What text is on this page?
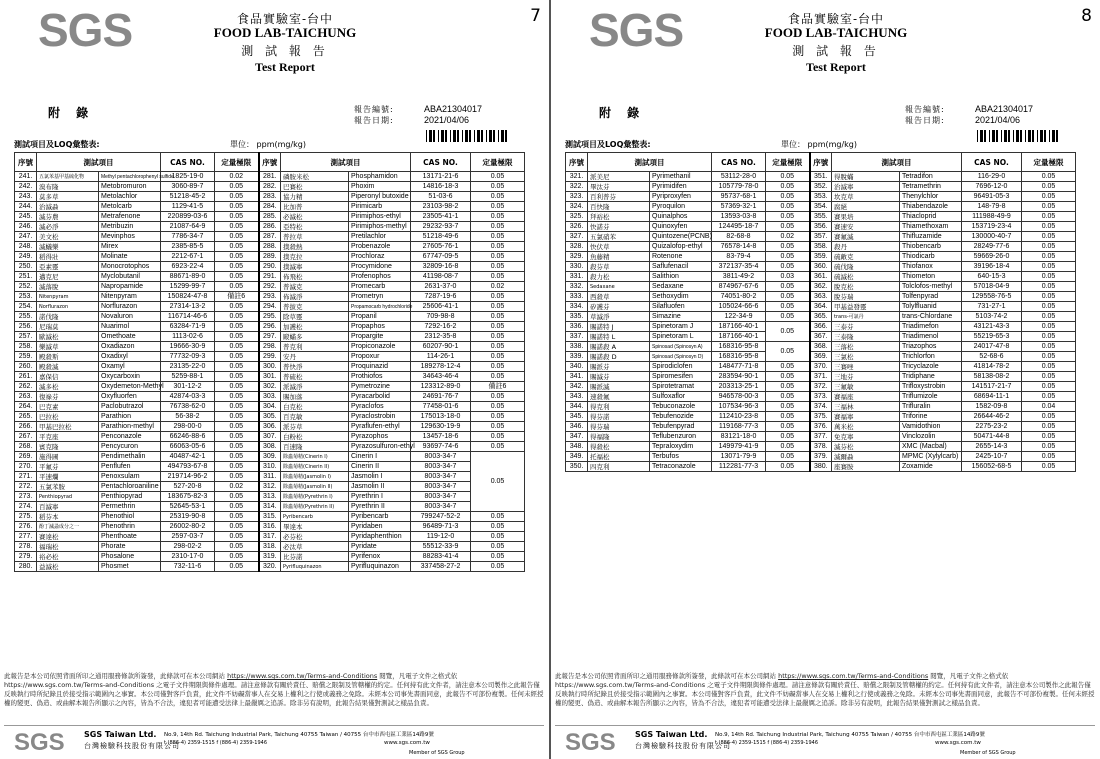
7
SGS	食品實驗室-台中
FOOD LAB-TAICHUNG
測 試 報 告
Test Report
附 錄	報告編號:	ABA21304017
報告日期:	2021/04/06
測試項目及LOQ彙整表:	單位： ppm(mg/kg)
序號	測試項目		CAS NO.	定量極限	序號	測試項目		CAS NO.	定量極限
241.	五氯苯基甲基硫化物	Methyl pentachlorophenyl sulfide	1825-19-0	0.02	281.	磷胺米松	Phosphamidon	13171-21-6	0.05
242.	溴布隆	Metobromuron	3060-89-7	0.05	282.	巴賽松	Phoxim	14816-18-3	0.05
243.	莫多草	Metolachlor	51218-45-2	0.05	283.	協力精	Piperonyl butoxide	51-03-6	0.05
244.	治滅蝨	Metolcarb	1129-41-5	0.05	284.	比加普	Pirimicarb	23103-98-2	0.05
245.	滅芬農	Metrafenone	220899-03-6	0.05	285.	必滅松	Pirimiphos-ethyl	23505-41-1	0.05
246.	滅必淨	Metribuzin	21087-64-9	0.05	286.	亞特松	Pirimiphos-methyl	29232-93-7	0.05
247.	美文松	Mevinphos	7786-34-7	0.05	287.	普拉草	Pretilachlor	51218-49-6	0.05
248.	滅蟻樂	Mirex	2385-85-5	0.05	288.	撲殺熱	Probenazole	27605-76-1	0.05
249.	稻得壯	Molinate	2212-67-1	0.05	289.	撲克拉	Prochloraz	67747-09-5	0.05
250.	亞素靈	Monocrotophos	6923-22-4	0.05	290.	撲滅寧	Procymidone	32809-16-8	0.05
251.	邁克尼	Myclobutanil	88671-89-0	0.05	291.	佈飛松	Profenophos	41198-08-7	0.05
252.	滅落脫	Napropamide	15299-99-7	0.05	292.	普滅克	Promecarb	2631-37-0	0.02
253.	Nitenpyram	Nitenpyram	150824-47-8	備註6	293.	佈滅淨	Prometryn	7287-19-6	0.05
254.	Norflurazon	Norflurazon	27314-13-2	0.05	294.	普拔克	Propamocarb hydrochloride	25606-41-1	0.05
255.	諾伐隆	Novaluron	116714-46-6	0.05	295.	除草靈	Propanil	709-98-8	0.05
256.	尼瑞莫	Nuarimol	63284-71-9	0.05	296.	加護松	Propaphos	7292-16-2	0.05
257.	歐滅松	Omethoate	1113-02-6	0.05	297.	毆蟎多	Propargite	2312-35-8	0.05
258.	樂滅草	Oxadiazon	19666-30-9	0.05	298.	普克利	Propiconazole	60207-90-1	0.05
259.	殿殺斯	Oxadixyl	77732-09-3	0.05	299.	安丹	Propoxur	114-26-1	0.05
260.	殿殺滅	Oxamyl	23135-22-0	0.05	300.	普快淨	Proquinazid	189278-12-4	0.05
261.	嘉保信	Oxycarboxin	5259-88-1	0.05	301.	普硫松	Prothiofos	34643-46-4	0.05
262.	滅多松	Oxydemeton-Methyl	301-12-2	0.05	302.	派滅淨	Pymetrozine	123312-89-0	備註6
263.	復祿芬	Oxyfluorfen	42874-03-3	0.05	303.	賜加落	Pyracarbolid	24691-76-7	0.05
264.	巴克素	Paclobutrazol	76738-62-0	0.05	304.	白克松	Pyraclofos	77458-01-6	0.05
265.	巴拉松	Parathion	56-38-2	0.05	305.	百克敏	Pyraclostrobin	175013-18-0	0.05
266.	甲基巴拉松	Parathion-methyl	298-00-0	0.05	306.	派芬草	Pyraflufen-ethyl	129630-19-9	0.05
267.	平克座	Penconazole	66246-88-6	0.05	307.	白粉松	Pyrazophos	13457-18-6	0.05
268.	賓克隆	Pencycuron	66063-05-6	0.05	308.	百速隆	Pyrazosulfuron-ethyl	93697-74-6	0.05
269.	施得圃	Pendimethalin	40487-42-1	0.05	309.	除蟲菊精(Cinerin I)	Cinerin I	8003-34-7	0.05
270.	平氟芬	Penflufen	494793-67-8	0.05	310.	除蟲菊精(Cinerin II)	Cinerin II	8003-34-7	
271.	平速爛	Penoxsulam	219714-96-2	0.05	311.	除蟲菊精(Jasmolin I)	Jasmolin I	8003-34-7	
272.	五氯苯胺	Pentachloroaniline	527-20-8	0.02	312.	除蟲菊精(Jasmolin II)	Jasmolin II	8003-34-7	
273.	Penthiopyrad	Penthiopyrad	183675-82-3	0.05	313.	除蟲菊精(Pyrethrin I)	Pyrethrin I	8003-34-7	
274.	百滅寧	Permethrin	52645-53-1	0.05	314.	除蟲菊精(Pyrethrin II)	Pyrethrin II	8003-34-7	
275.	稻芬本	Phenothiol	25319-90-8	0.05	315.	Pyribencarb	Pyribencarb	799247-52-2	0.05
276.	酚丁滅蝨成分之一	Phenothrin	26002-80-2	0.05	316.	畢達本	Pyridaben	96489-71-3	0.05
277.	賽達松	Phenthoate	2597-03-7	0.05	317.	必芬松	Pyridaphenthion	119-12-0	0.05
278.	福瑞松	Phorate	298-02-2	0.05	318.	必汰草	Pyridate	55512-33-9	0.05
279.	裕必松	Phosalone	2310-17-0	0.05	319.	比芬諾	Pyrifenox	88283-41-4	0.05
280.	益滅松	Phosmet	732-11-6	0.05	320.	Pyrifluquinazon	Pyrifluquinazon	337458-27-2	0.05
此報告是本公司依照背面所印之通用服務條款所簽發，此條款可在本公司網站 https://www.sgs.com.tw/Terms-and-Conditions 閱覽，凡電子文件之格式依 https://www.sgs.com.tw/Terms-and-Conditions 之電子文件期限與條件處理。請注意條款有關於責任、賠償之限制及管轄權的約定。任何持有此文件者，請注意本公司製作之此報告僅反映執行時所紀錄且於接受指示範圍內之事實。本公司僅對客戶負責，此文件不妨礙當事人在交易上權利之行使或義務之免除。未經本公司事先書面同意，此報告不可部份複製。任何未經授權的變更、偽造、或曲解本報告所顯示之內容，皆為不合法，違犯者可能遭受法律上最嚴厲之追訴。除非另有說明，此報告結果僅對測試之樣品負責。
SGS SGS Taiwan Ltd.
台灣檢驗科技股份有限公司
No.9, 14th Rd. Taichung Industrial Park, Taichung 40755 Taiwan / 40755 台中市西屯區工業區14路9號
t (886-4) 2359-1515 f (886-4) 2359-1946	www.sgs.com.tw
Member of SGS Group
8
SGS	食品實驗室-台中
FOOD LAB-TAICHUNG
測 試 報 告
Test Report
附 錄	報告編號:	ABA21304017
報告日期:	2021/04/06
測試項目及LOQ彙整表:	單位： ppm(mg/kg)
序號	測試項目		CAS NO.	定量極限	序號	測試項目		CAS NO.	定量極限
321.	派美尼	Pyrimethanil	53112-28-0	0.05	351.	得脫蟎	Tetradifon	116-29-0	0.05
322.	畢汰芬	Pyrimidifen	105779-78-0	0.05	352.	治滅寧	Tetramethrin	7696-12-0	0.05
323.	百利普芬	Pyriproxyfen	95737-68-1	0.05	353.	坎克草	Thenylchlor	96491-05-3	0.05
324.	百快隆	Pyroquilon	57369-32-1	0.05	354.	腐絕	Thiabendazole	148-79-8	0.05
325.	拜裕松	Quinalphos	13593-03-8	0.05	355.	賽果培	Thiacloprid	111988-49-9	0.05
326.	快諾芬	Quinoxyfen	124495-18-7	0.05	356.	賽速安	Thiamethoxam	153719-23-4	0.05
327.	五氯硝苯	Quintozene(PCNB)	82-68-8	0.02	357.	賽氟滅	Thifluzamide	130000-40-7	0.05
328.	快伏草	Quizalofop-ethyl	76578-14-8	0.05	358.	殺丹	Thiobencarb	28249-77-6	0.05
329.	魚藤精	Rotenone	83-79-4	0.05	359.	硫敵克	Thiodicarb	59669-26-0	0.05
330.	殺芬草	Saflufenacil	372137-35-4	0.05	360.	硫伐隆	Thiofanox	39196-18-4	0.05
331.	殺力松	Salithion	3811-49-2	0.03	361.	硫滅松	Thiometon	640-15-3	0.05
332.	Sedaxane	Sedaxane	874967-67-6	0.05	362.	脫克松	Tolclofos-methyl	57018-04-9	0.05
333.	西殺草	Sethoxydim	74051-80-2	0.05	363.	脫芬瑞	Tolfenpyrad	129558-76-5	0.05
334.	矽護芬	Silafluofen	105024-66-6	0.05	364.	甲基益發靈	Tolylfluanid	731-27-1	0.05
335.	草滅淨	Simazine	122-34-9	0.05	365.	trans-可氯丹	trans-Chlordane	5103-74-2	0.05
336.	賜諾特 J	Spinetoram J	187166-40-1	0.05	366.	三泰芬	Triadimefon	43121-43-3	0.05
337.	賜諾特 L	Spinetoram L	187166-40-1		367.	三泰隆	Triadimenol	55219-65-3	0.05
338.	賜諾殺 A	Spinosad (Spinosyn A)	168316-95-8	0.05	368.	三落松	Triazophos	24017-47-8	0.05
339.	賜諾殺 D	Spinosad (Spinosyn D)	168316-95-8		369.	三氯松	Trichlorfon	52-68-6	0.05
340.	賜派芬	Spirodiclofen	148477-71-8	0.05	370.	三賽唑	Tricyclazole	41814-78-2	0.05
341.	賜滅芬	Spiromesifen	283594-90-1	0.05	371.	三地芬	Tridiphane	58138-08-2	0.05
342.	賜派滅	Spirotetramat	203313-25-1	0.05	372.	三氟敏	Trifloxystrobin	141517-21-7	0.05
343.	速殺氟	Sulfoxaflor	946578-00-3	0.05	373.	賽福座	Triflumizole	68694-11-1	0.05
344.	得克利	Tebuconazole	107534-96-3	0.05	374.	三福林	Trifluralin	1582-09-8	0.04
345.	得芬諾	Tebufenozide	112410-23-8	0.05	375.	賽福寧	Triforine	26644-46-2	0.05
346.	得芬瑞	Tebufenpyrad	119168-77-3	0.05	376.	萬米松	Vamidothion	2275-23-2	0.05
347.	得福隆	Teflubenzuron	83121-18-0	0.05	377.	免克寧	Vinclozolin	50471-44-8	0.05
348.	得殺松	Tepraloxydim	149979-41-9	0.05	378.	滅芬松	XMC (Macbal)	2655-14-3	0.05
349.	托福松	Terbufos	13071-79-9	0.05	379.	滅爾蝨	MPMC (Xylylcarb)	2425-10-7	0.05
350.	四克利	Tetraconazole	112281-77-3	0.05	380.	座賽胺	Zoxamide	156052-68-5	0.05
此報告是本公司依照背面所印之通用服務條款所簽發，此條款可在本公司網站 https://www.sgs.com.tw/Terms-and-Conditions 閱覽，凡電子文件之格式依 https://www.sgs.com.tw/Terms-and-Conditions 之電子文件期限與條件處理。請注意條款有關於責任、賠償之限制及管轄權的約定。任何持有此文件者，請注意本公司製作之此報告僅反映執行時所紀錄且於接受指示範圍內之事實。本公司僅對客戶負責，此文件不妨礙當事人在交易上權利之行使或義務之免除。未經本公司事先書面同意，此報告不可部份複製。任何未經授權的變更、偽造、或曲解本報告所顯示之內容，皆為不合法，違犯者可能遭受法律上最嚴厲之追訴。除非另有說明，此報告結果僅對測試之樣品負責。
SGS SGS Taiwan Ltd.
台灣檢驗科技股份有限公司
No.9, 14th Rd. Taichung Industrial Park, Taichung 40755 Taiwan / 40755 台中市西屯區工業區14路9號
t (886-4) 2359-1515 f (886-4) 2359-1946	www.sgs.com.tw
Member of SGS Group
